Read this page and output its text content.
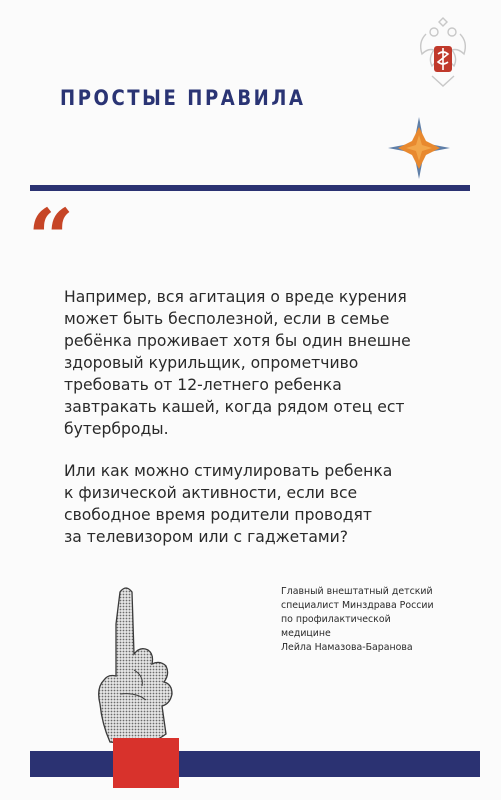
ПРОСТЫЕ ПРАВИЛА
“

Например, вся агитация о вреде курения
может быть бесполезной, если в семье
ребёнка проживает хотя бы один внешне
здоровый курильщик, опрометчиво
требовать от 12-летнего ребенка
завтракать кашей, когда рядом отец ест
бутерброды.

Или как можно стимулировать ребенка
к физической активности, если все
свободное время родители проводят
за телевизором или с гаджетами?

Главный внештатный детский
специалист Минздрава России
по профилактической
медицине
Лейла Намазова-Баранова
